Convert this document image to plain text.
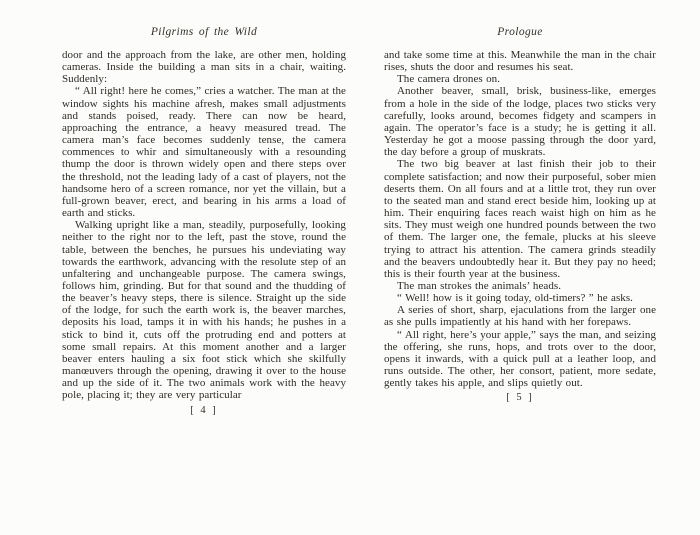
Pilgrims of the Wild

door and the approach from the lake, are other men, holding cameras. Inside the building a man sits in a chair, waiting. Suddenly:

“ All right! here he comes,” cries a watcher. The man at the window sights his machine afresh, makes small adjustments and stands poised, ready. There can now be heard, approaching the entrance, a heavy measured tread. The camera man’s face becomes suddenly tense, the camera commences to whir and simultaneously with a resounding thump the door is thrown widely open and there steps over the threshold, not the leading lady of a cast of players, not the handsome hero of a screen romance, nor yet the villain, but a full-grown beaver, erect, and bearing in his arms a load of earth and sticks.

Walking upright like a man, steadily, purposefully, looking neither to the right nor to the left, past the stove, round the table, between the benches, he pursues his undeviating way towards the earthwork, advancing with the resolute step of an unfaltering and unchangeable purpose. The camera swings, follows him, grinding. But for that sound and the thudding of the beaver’s heavy steps, there is silence. Straight up the side of the lodge, for such the earth work is, the beaver marches, deposits his load, tamps it in with his hands; he pushes in a stick to bind it, cuts off the protruding end and potters at some small repairs. At this moment another and a larger beaver enters hauling a six foot stick which she skilfully manœuvers through the opening, drawing it over to the house and up the side of it. The two animals work with the heavy pole, placing it; they are very particular

[ 4 ]
Prologue

and take some time at this. Meanwhile the man in the chair rises, shuts the door and resumes his seat.

The camera drones on.

Another beaver, small, brisk, business-like, emerges from a hole in the side of the lodge, places two sticks very carefully, looks around, becomes fidgety and scampers in again. The operator’s face is a study; he is getting it all. Yesterday he got a moose passing through the door yard, the day before a group of muskrats.

The two big beaver at last finish their job to their complete satisfaction; and now their purposeful, sober mien deserts them. On all fours and at a little trot, they run over to the seated man and stand erect beside him, looking up at him. Their enquiring faces reach waist high on him as he sits. They must weigh one hundred pounds between the two of them. The larger one, the female, plucks at his sleeve trying to attract his attention. The camera grinds steadily and the beavers undoubtedly hear it. But they pay no heed; this is their fourth year at the business.

The man strokes the animals’ heads.

“ Well! how is it going today, old-timers? ” he asks.

A series of short, sharp, ejaculations from the larger one as she pulls impatiently at his hand with her forepaws.

“ All right, here’s your apple,” says the man, and seizing the offering, she runs, hops, and trots over to the door, opens it inwards, with a quick pull at a leather loop, and runs outside. The other, her consort, patient, more sedate, gently takes his apple, and slips quietly out.

[ 5 ]
